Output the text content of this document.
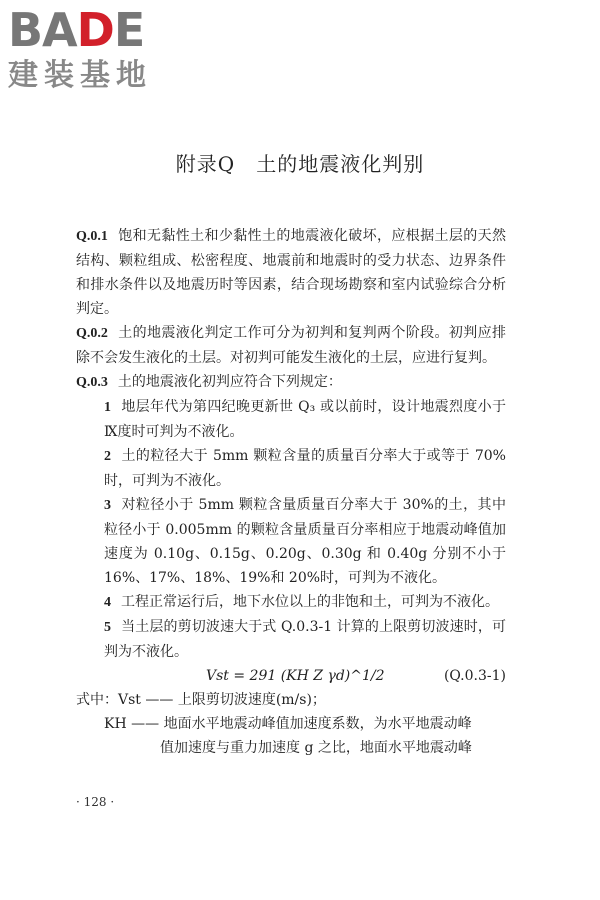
BADE
建装基地
附录Q　土的地震液化判别

Q.0.1 饱和无黏性土和少黏性土的地震液化破坏，应根据土层的天然结构、颗粒组成、松密程度、地震前和地震时的受力状态、边界条件和排水条件以及地震历时等因素，结合现场勘察和室内试验综合分析判定。

Q.0.2 土的地震液化判定工作可分为初判和复判两个阶段。初判应排除不会发生液化的土层。对初判可能发生液化的土层，应进行复判。

Q.0.3 土的地震液化初判应符合下列规定：

1 地层年代为第四纪晚更新世 Q₃ 或以前时，设计地震烈度小于Ⅸ度时可判为不液化。

2 土的粒径大于 5mm 颗粒含量的质量百分率大于或等于 70%时，可判为不液化。

3 对粒径小于 5mm 颗粒含量质量百分率大于 30%的土，其中粒径小于 0.005mm 的颗粒含量质量百分率相应于地震动峰值加速度为 0.10g、0.15g、0.20g、0.30g 和 0.40g 分别不小于 16%、17%、18%、19%和 20%时，可判为不液化。

4 工程正常运行后，地下水位以上的非饱和土，可判为不液化。

5 当土层的剪切波速大于式 Q.0.3-1 计算的上限剪切波速时，可判为不液化。

Vst = 291 (KH Z γd)^1/2	(Q.0.3-1)

式中：Vst —— 上限剪切波速度(m/s)；

KH —— 地面水平地震动峰值加速度系数，为水平地震动峰

值加速度与重力加速度 g 之比，地面水平地震动峰

· 128 ·
